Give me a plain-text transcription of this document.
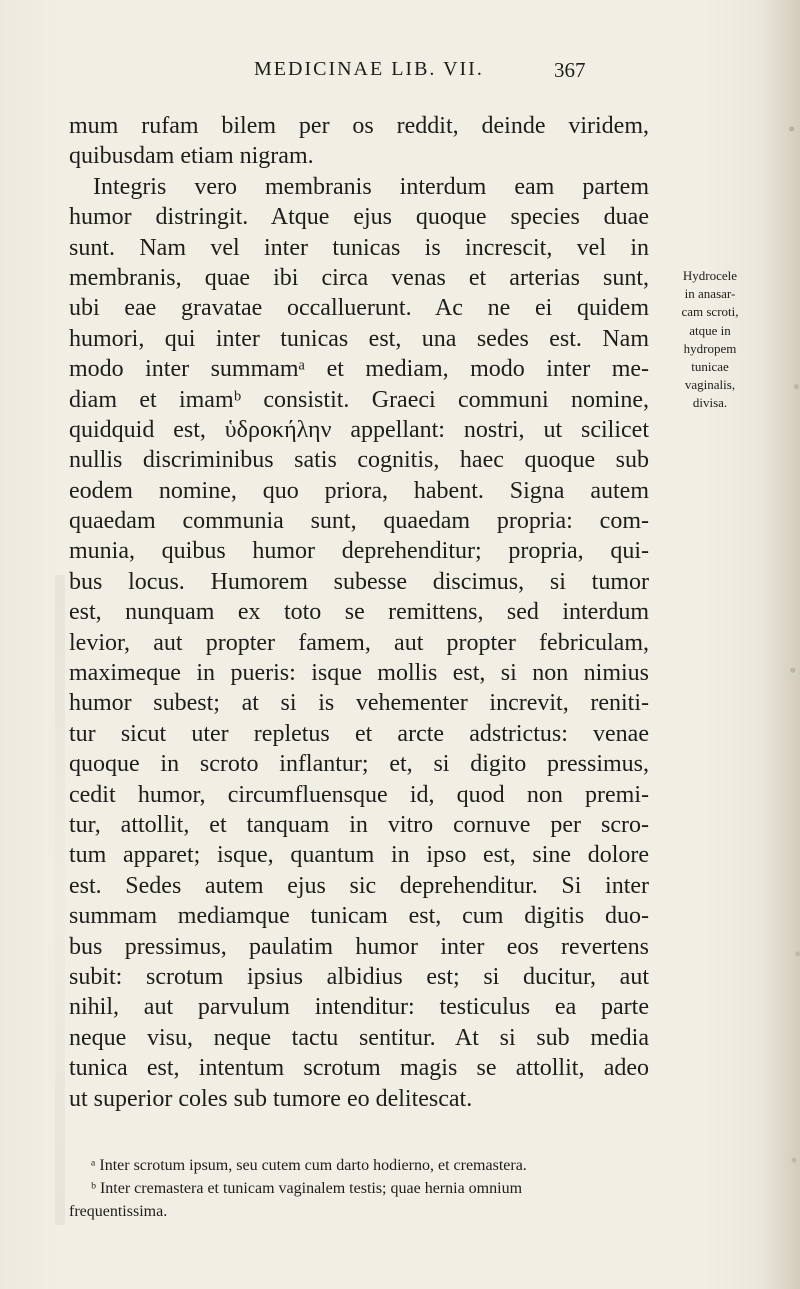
MEDICINAE LIB. VII.	367
mum rufam bilem per os reddit, deinde viridem,
quibusdam etiam nigram.
Integris vero membranis interdum eam partem
humor distringit. Atque ejus quoque species duae
sunt. Nam vel inter tunicas is increscit, vel in
membranis, quae ibi circa venas et arterias sunt,
ubi eae gravatae occalluerunt. Ac ne ei quidem
humori, qui inter tunicas est, una sedes est. Nam
modo inter summamᵃ et mediam, modo inter me-
diam et imamᵇ consistit. Graeci communi nomine,
quidquid est, ὑδροκήλην appellant: nostri, ut scilicet
nullis discriminibus satis cognitis, haec quoque sub
eodem nomine, quo priora, habent. Signa autem
quaedam communia sunt, quaedam propria: com-
munia, quibus humor deprehenditur; propria, qui-
bus locus. Humorem subesse discimus, si tumor
est, nunquam ex toto se remittens, sed interdum
levior, aut propter famem, aut propter febriculam,
maximeque in pueris: isque mollis est, si non nimius
humor subest; at si is vehementer increvit, reniti-
tur sicut uter repletus et arcte adstrictus: venae
quoque in scroto inflantur; et, si digito pressimus,
cedit humor, circumfluensque id, quod non premi-
tur, attollit, et tanquam in vitro cornuve per scro-
tum apparet; isque, quantum in ipso est, sine dolore
est. Sedes autem ejus sic deprehenditur. Si inter
summam mediamque tunicam est, cum digitis duo-
bus pressimus, paulatim humor inter eos revertens
subit: scrotum ipsius albidius est; si ducitur, aut
nihil, aut parvulum intenditur: testiculus ea parte
neque visu, neque tactu sentitur. At si sub media
tunica est, intentum scrotum magis se attollit, adeo
ut superior coles sub tumore eo delitescat.
Hydrocele
in anasar-
cam scroti,
atque in
hydropem
tunicae
vaginalis,
divisa.
ᵃ Inter scrotum ipsum, seu cutem cum darto hodierno, et cremastera.
ᵇ Inter cremastera et tunicam vaginalem testis; quae hernia omnium
frequentissima.
